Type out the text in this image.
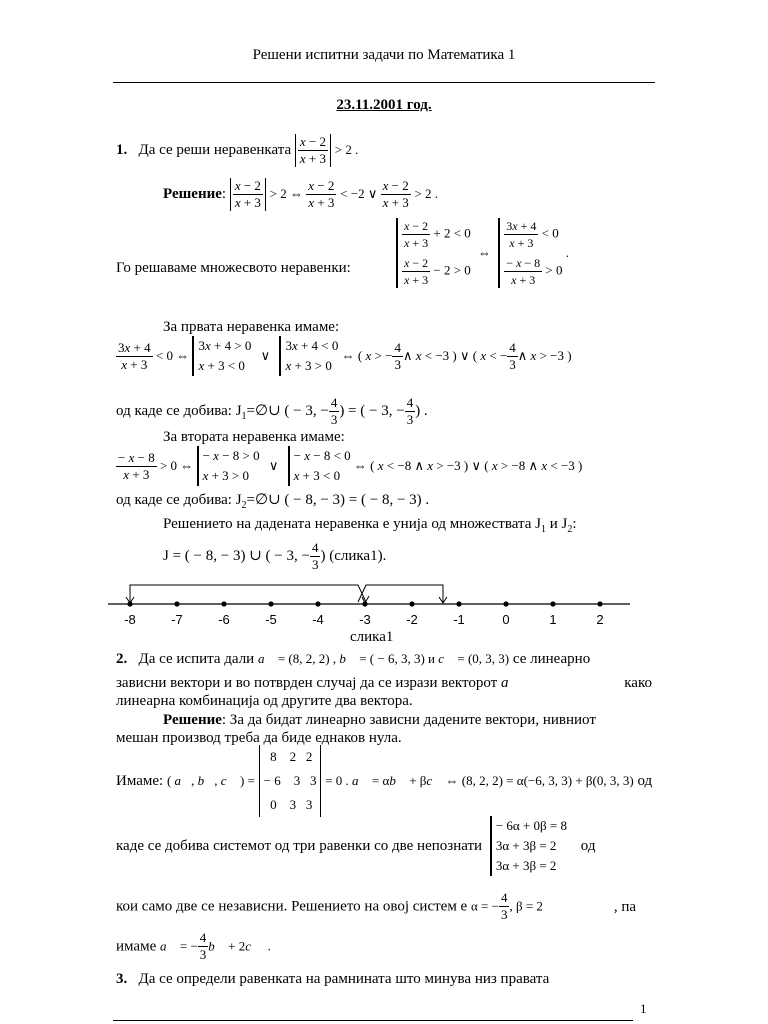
Решени испитни задачи по Математика 1
23.11.2001 год.
1. Да се реши неравенката $\frac{x - 2}{x + 3} > 2$ .
Решение: $\frac{x - 2}{x + 3} > 2$ ⇔ $\frac{x - 2}{x + 3} < -2$ ∨ $\frac{x - 2}{x + 3} > 2$ .
Го решаваме множесвото неравенки:
$\frac{x - 2}{x + 3} + 2 < 0$
$\frac{x - 2}{x + 3} - 2 > 0$
⇔
$\frac{3x + 4}{x + 3} < 0$
$\frac{- x - 8}{x + 3} > 0$
.
За првата неравенка имаме:
$\frac{3x + 4}{x + 3} < 0$ ⇔
3x + 4 > 0
x + 3 < 0
∨
3x + 4 < 0
x + 3 > 0
⇔ ( x > − $\frac{4}{3}$ ∧ x < −3 ) ∨ ( x < − $\frac{4}{3}$ ∧ x > −3 )
од каде се добива: $J_1=\emptyset\cup$ ( − 3, − $\frac{4}{3}$ ) = ( − 3, − $\frac{4}{3}$ ) .
За втората неравенка имаме:
$\frac{- x - 8}{x + 3} > 0$ ⇔
− x − 8 > 0
x + 3 > 0
∨
− x − 8 < 0
x + 3 < 0
⇔ ( x < −8 ∧ x > −3 ) ∨ ( x > −8 ∧ x < −3 )
од каде се добива: $J_2=\emptyset\cup$ ( − 8, − 3) = ( − 8, − 3) .
Решението на дадената неравенка е унија од множествата $J_1$ и $J_2$:
J = ( − 8, − 3) ∪ ( − 3, − $\frac{4}{3}$ ) (слика1).
-8	-7	-6	-5	-4	-3	-2	-1	0	1	2
слика1
2. Да се испита дали a⃗ = (8, 2, 2) , b⃗ = ( − 6, 3, 3) и c⃗ = (0, 3, 3) се линеарно
зависни вектори и во потврден случај да се изрази векторот a⃗	како
линеарна комбинација од другите два вектора.
Решение: За да бидат линеарно зависни дадените вектори, нивниот
мешан производ треба да биде еднаков нула.
Имаме: ( a⃗, b⃗, c⃗ ) =
8    2   2
− 6    3   3
0    3   3
= 0 . a⃗ = αb⃗ + βc⃗ ⇔ (8, 2, 2) = α(−6, 3, 3) + β(0, 3, 3) од
каде се добива системот од три равенки со две непознати
− 6α + 0β = 8
3α + 3β = 2
3α + 3β = 2
од
кои само две се независни. Решението на овој систем е α = − $\frac{4}{3}$ , β = 2	, па
имаме a⃗ = − $\frac{4}{3}$ b⃗ + 2c⃗  .
3. Да се определи равенката на рамнината што минува низ правата
1
